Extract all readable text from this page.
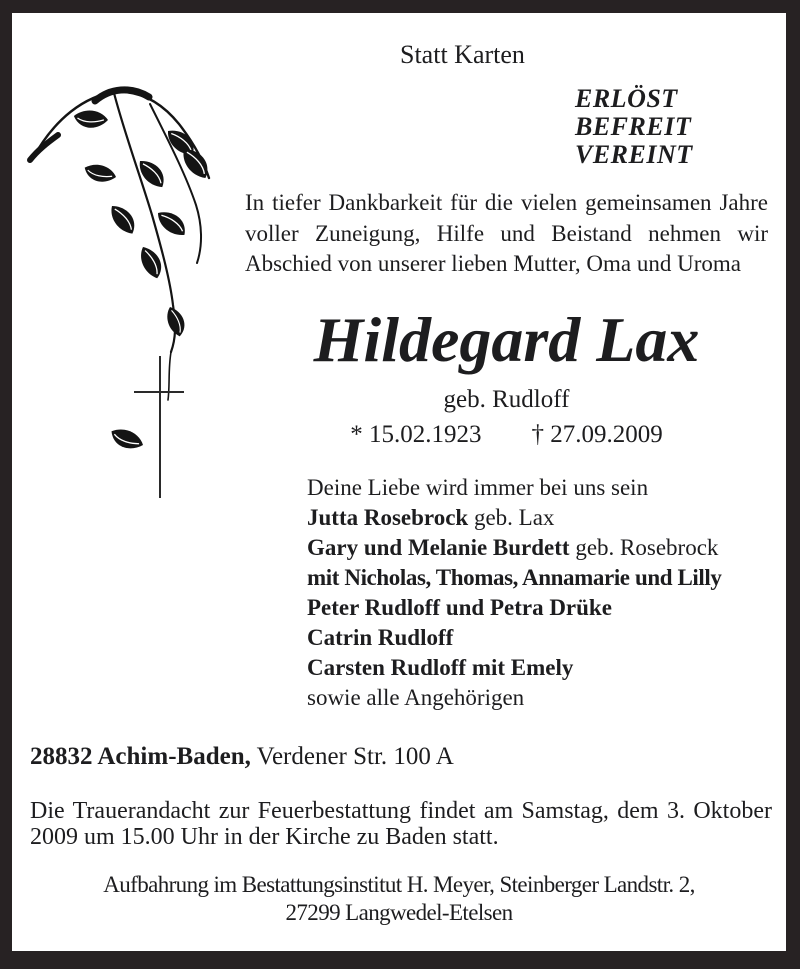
Statt Karten
ERLÖST
BEFREIT
VEREINT
In tiefer Dankbarkeit für die vielen gemeinsamen Jahre voller Zuneigung, Hilfe und Beistand nehmen wir Abschied von unserer lieben Mutter, Oma und Uroma
Hildegard Lax
geb. Rudloff
* 15.02.1923 † 27.09.2009
Deine Liebe wird immer bei uns sein
Jutta Rosebrock geb. Lax
Gary und Melanie Burdett geb. Rosebrock
mit Nicholas, Thomas, Annamarie und Lilly
Peter Rudloff und Petra Drüke
Catrin Rudloff
Carsten Rudloff mit Emely
sowie alle Angehörigen
28832 Achim-Baden, Verdener Str. 100 A
Die Trauerandacht zur Feuerbestattung findet am Samstag, dem 3. Oktober 2009 um 15.00 Uhr in der Kirche zu Baden statt.
Aufbahrung im Bestattungsinstitut H. Meyer, Steinberger Landstr. 2,
27299 Langwedel-Etelsen
